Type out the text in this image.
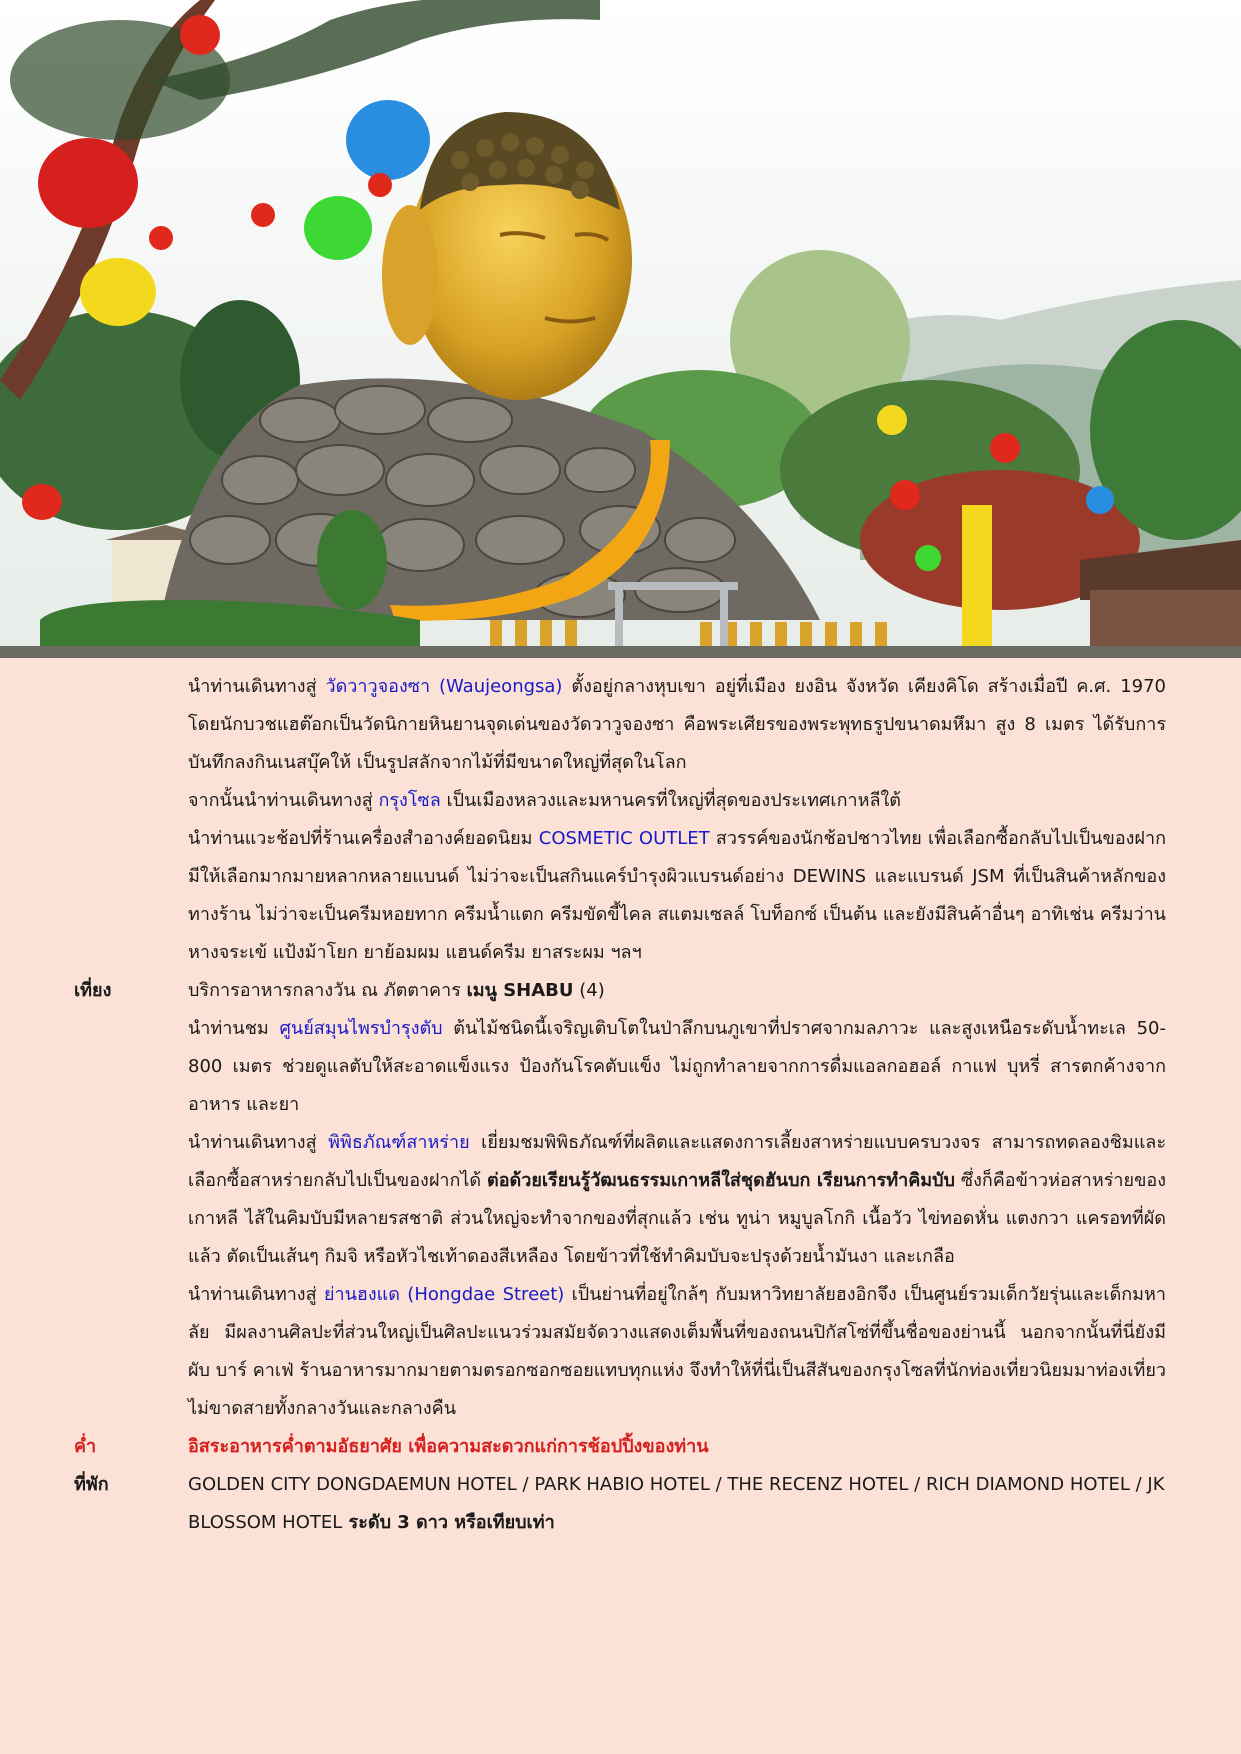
นำท่านเดินทางสู่ วัดวาวูจองซา (Waujeongsa) ตั้งอยู่กลางหุบเขา อยู่ที่เมือง ยงอิน จังหวัด เคียงคิโด สร้างเมื่อปี ค.ศ. 1970 โดยนักบวชแฮต๊อกเป็นวัดนิกายหินยานจุดเด่นของวัดวาวูจองซา คือพระเศียรของพระพุทธรูปขนาดมหึมา สูง 8 เมตร ได้รับการบันทึกลงกินเนสบุ๊คให้ เป็นรูปสลักจากไม้ที่มีขนาดใหญ่ที่สุดในโลก
จากนั้นนำท่านเดินทางสู่ กรุงโซล เป็นเมืองหลวงและมหานครที่ใหญ่ที่สุดของประเทศเกาหลีใต้
นำท่านแวะช้อปที่ร้านเครื่องสำอางค์ยอดนิยม COSMETIC OUTLET สวรรค์ของนักช้อปชาวไทย เพื่อเลือกซื้อกลับไปเป็นของฝาก มีให้เลือกมากมายหลากหลายแบนด์ ไม่ว่าจะเป็นสกินแคร์บำรุงผิวแบรนด์อย่าง DEWINS และแบรนด์ JSM ที่เป็นสินค้าหลักของทางร้าน ไม่ว่าจะเป็นครีมหอยทาก ครีมน้ำแตก ครีมขัดขี้ไคล สแตมเซลล์ โบท็อกซ์ เป็นต้น และยังมีสินค้าอื่นๆ อาทิเช่น ครีมว่านหางจระเข้ แป้งม้าโยก ยาย้อมผม แฮนด์ครีม ยาสระผม ฯลฯ
เที่ยง	บริการอาหารกลางวัน ณ ภัตตาคาร เมนู SHABU (4)
นำท่านชม ศูนย์สมุนไพรบำรุงตับ ต้นไม้ชนิดนี้เจริญเติบโตในป่าลึกบนภูเขาที่ปราศจากมลภาวะ และสูงเหนือระดับน้ำทะเล 50-800 เมตร ช่วยดูแลตับให้สะอาดแข็งแรง ป้องกันโรคตับแข็ง ไม่ถูกทำลายจากการดื่มแอลกอฮอล์ กาแฟ บุหรี่ สารตกค้างจากอาหาร และยา
นำท่านเดินทางสู่ พิพิธภัณฑ์สาหร่าย เยี่ยมชมพิพิธภัณฑ์ที่ผลิตและแสดงการเลี้ยงสาหร่ายแบบครบวงจร สามารถทดลองชิมและเลือกซื้อสาหร่ายกลับไปเป็นของฝากได้ ต่อด้วยเรียนรู้วัฒนธรรมเกาหลีใส่ชุดฮันบก เรียนการทำคิมบับ ซึ่งก็คือข้าวห่อสาหร่ายของเกาหลี ไส้ในคิมบับมีหลายรสชาติ ส่วนใหญ่จะทำจากของที่สุกแล้ว เช่น ทูน่า หมูบูลโกกิ เนื้อวัว ไข่ทอดหั่น แตงกวา แครอทที่ผัดแล้ว ตัดเป็นเส้นๆ กิมจิ หรือหัวไชเท้าดองสีเหลือง โดยข้าวที่ใช้ทำคิมบับจะปรุงด้วยน้ำมันงา และเกลือ
นำท่านเดินทางสู่ ย่านฮงแด (Hongdae Street) เป็นย่านที่อยู่ใกล้ๆ กับมหาวิทยาลัยฮงอิกจึง เป็นศูนย์รวมเด็กวัยรุ่นและเด็กมหาลัย มีผลงานศิลปะที่ส่วนใหญ่เป็นศิลปะแนวร่วมสมัยจัดวางแสดงเต็มพื้นที่ของถนนปิกัสโซ่ที่ขึ้นชื่อของย่านนี้ นอกจากนั้นที่นี่ยังมีผับ บาร์ คาเฟ่ ร้านอาหารมากมายตามตรอกซอกซอยแทบทุกแห่ง จึงทำให้ที่นี่เป็นสีสันของกรุงโซลที่นักท่องเที่ยวนิยมมาท่องเที่ยวไม่ขาดสายทั้งกลางวันและกลางคืน
ค่ำ	อิสระอาหารค่ำตามอัธยาศัย เพื่อความสะดวกแก่การช้อปปิ้งของท่าน
ที่พัก	GOLDEN CITY DONGDAEMUN HOTEL / PARK HABIO HOTEL / THE RECENZ HOTEL / RICH DIAMOND HOTEL / JK BLOSSOM HOTEL ระดับ 3 ดาว หรือเทียบเท่า
